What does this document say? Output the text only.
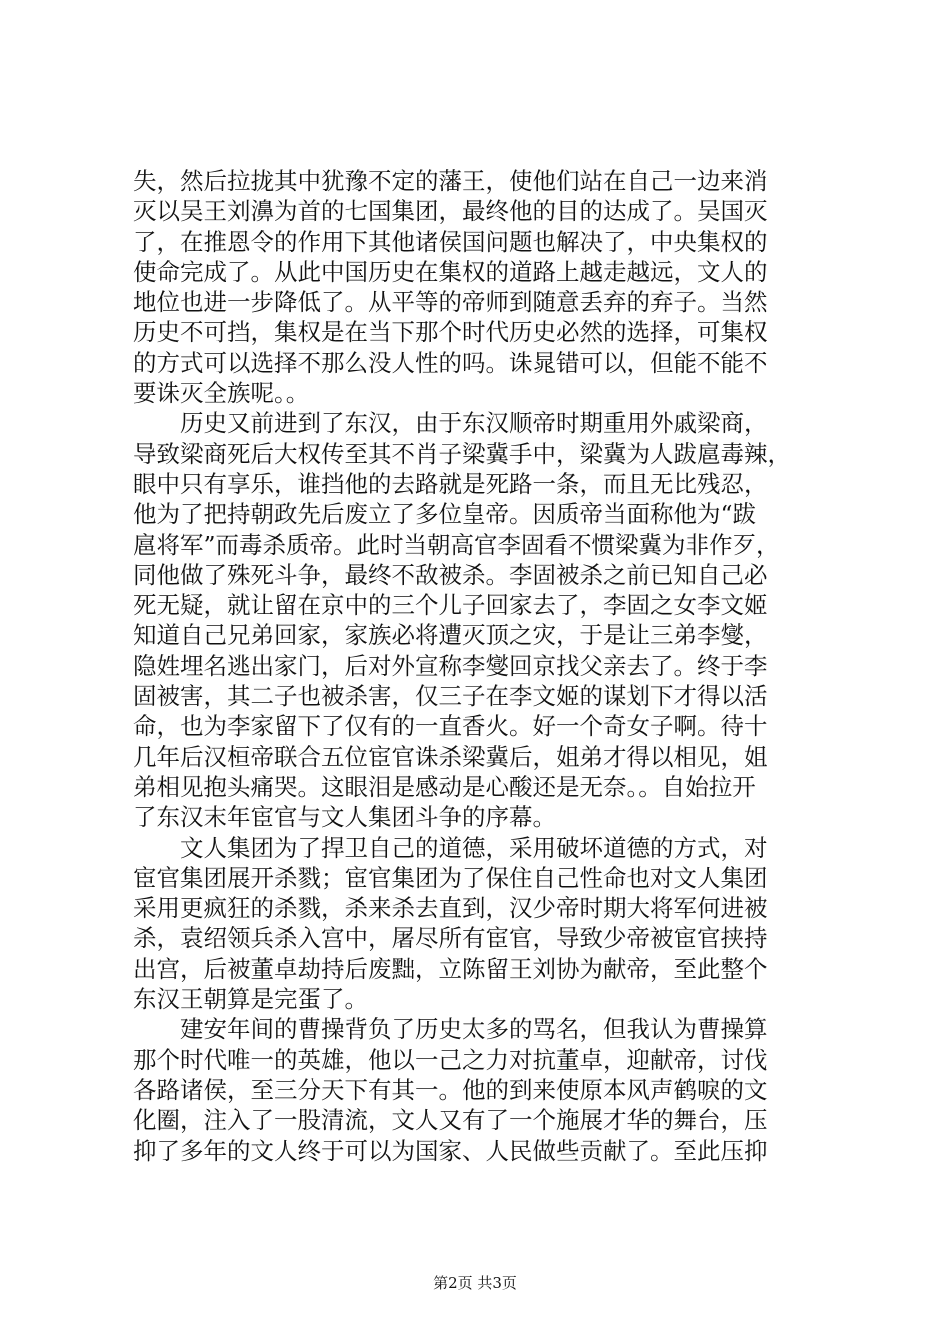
失，然后拉拢其中犹豫不定的藩王，使他们站在自己一边来消
灭以吴王刘濞为首的七国集团，最终他的目的达成了。吴国灭
了，在推恩令的作用下其他诸侯国问题也解决了，中央集权的
使命完成了。从此中国历史在集权的道路上越走越远，文人的
地位也进一步降低了。从平等的帝师到随意丢弃的弃子。当然
历史不可挡，集权是在当下那个时代历史必然的选择，可集权
的方式可以选择不那么没人性的吗。诛晁错可以，但能不能不
要诛灭全族呢。。
　　历史又前进到了东汉，由于东汉顺帝时期重用外戚梁商，
导致梁商死后大权传至其不肖子梁冀手中，梁冀为人跋扈毒辣，
眼中只有享乐，谁挡他的去路就是死路一条，而且无比残忍，
他为了把持朝政先后废立了多位皇帝。因质帝当面称他为“跋
扈将军”而毒杀质帝。此时当朝高官李固看不惯梁冀为非作歹，
同他做了殊死斗争，最终不敌被杀。李固被杀之前已知自己必
死无疑，就让留在京中的三个儿子回家去了，李固之女李文姬
知道自己兄弟回家，家族必将遭灭顶之灾，于是让三弟李燮，
隐姓埋名逃出家门，后对外宣称李燮回京找父亲去了。终于李
固被害，其二子也被杀害，仅三子在李文姬的谋划下才得以活
命，也为李家留下了仅有的一直香火。好一个奇女子啊。待十
几年后汉桓帝联合五位宦官诛杀梁冀后，姐弟才得以相见，姐
弟相见抱头痛哭。这眼泪是感动是心酸还是无奈。。自始拉开
了东汉末年宦官与文人集团斗争的序幕。
　　文人集团为了捍卫自己的道德，采用破坏道德的方式，对
宦官集团展开杀戮；宦官集团为了保住自己性命也对文人集团
采用更疯狂的杀戮，杀来杀去直到，汉少帝时期大将军何进被
杀，袁绍领兵杀入宫中，屠尽所有宦官，导致少帝被宦官挟持
出宫，后被董卓劫持后废黜，立陈留王刘协为献帝，至此整个
东汉王朝算是完蛋了。
　　建安年间的曹操背负了历史太多的骂名，但我认为曹操算
那个时代唯一的英雄，他以一己之力对抗董卓，迎献帝，讨伐
各路诸侯，至三分天下有其一。他的到来使原本风声鹤唳的文
化圈，注入了一股清流，文人又有了一个施展才华的舞台，压
抑了多年的文人终于可以为国家、人民做些贡献了。至此压抑
第2页 共3页
